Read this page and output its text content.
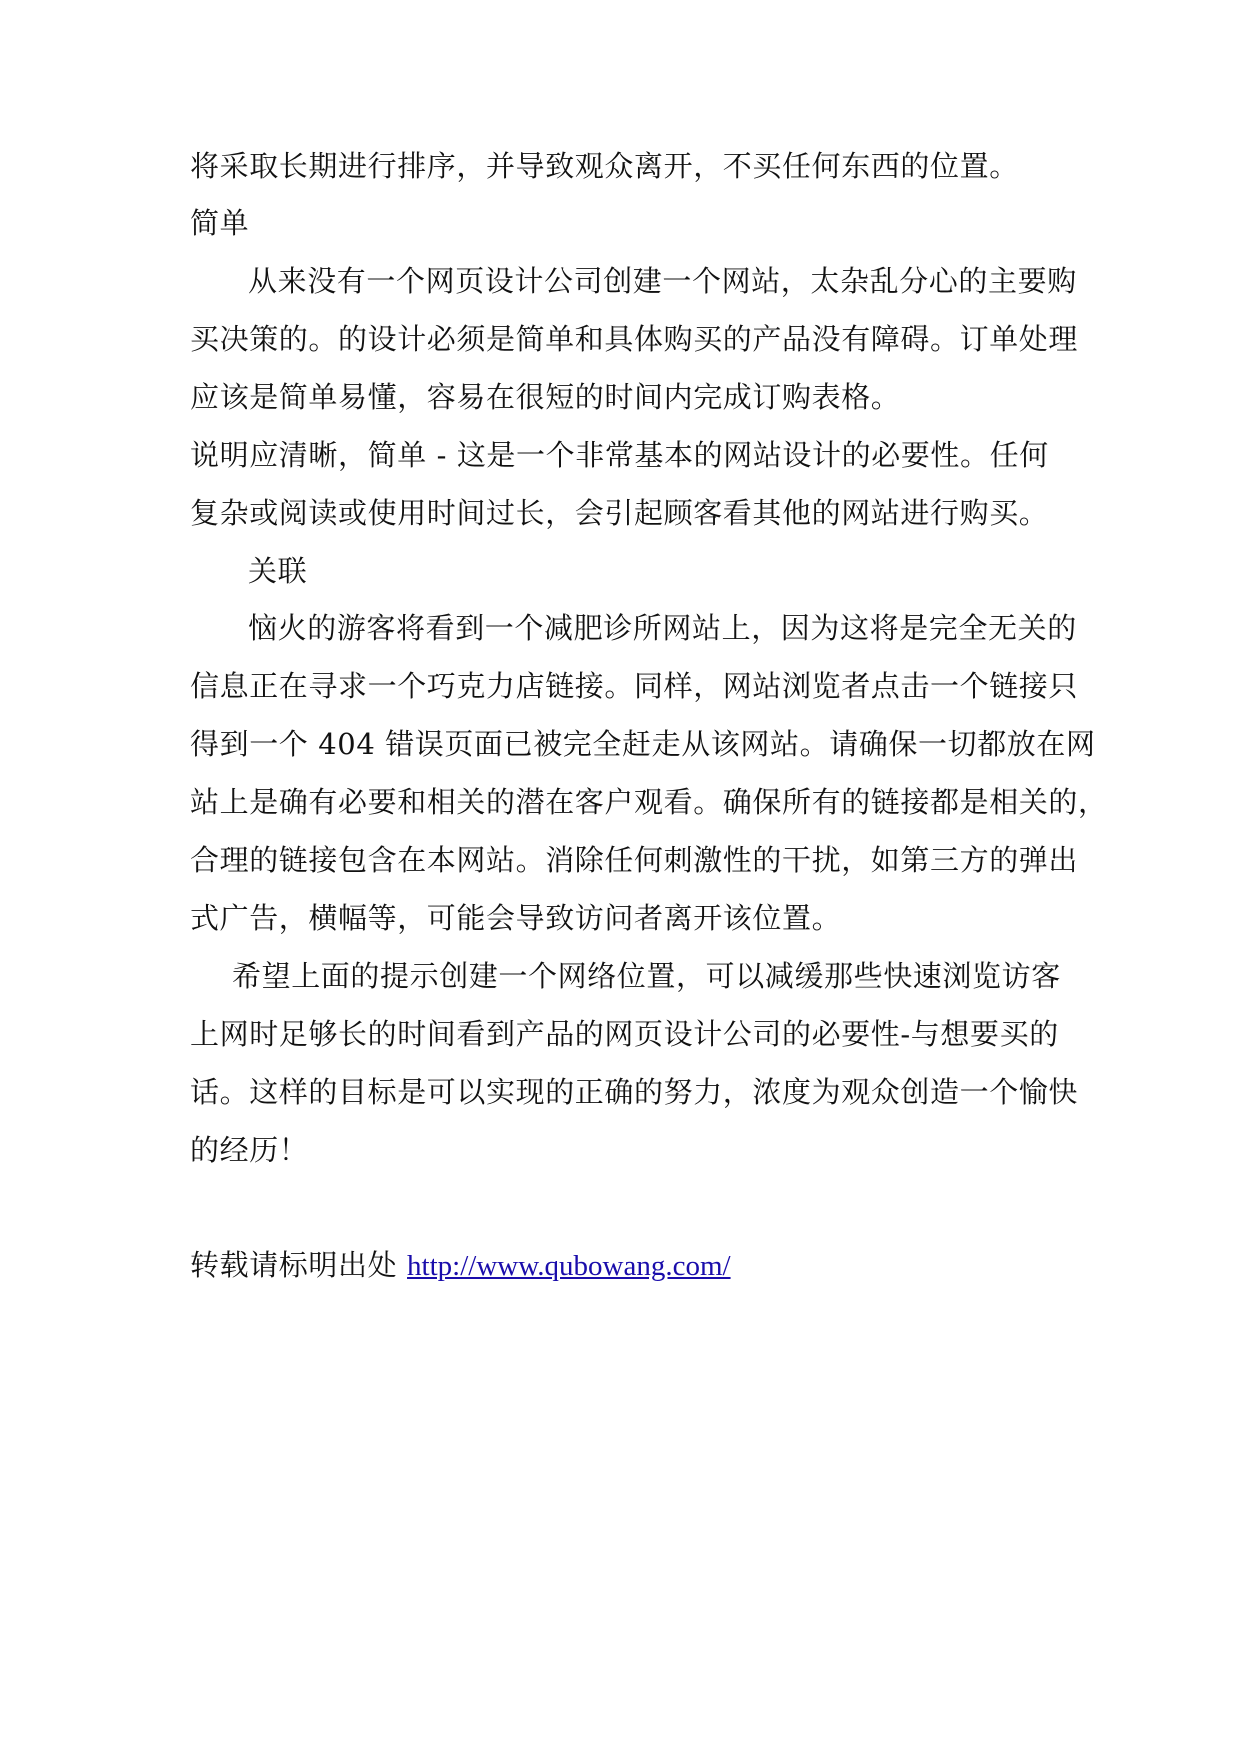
将采取长期进行排序，并导致观众离开，不买任何东西的位置。
简单
从来没有一个网页设计公司创建一个网站，太杂乱分心的主要购
买决策的。的设计必须是简单和具体购买的产品没有障碍。订单处理
应该是简单易懂，容易在很短的时间内完成订购表格。
说明应清晰，简单 - 这是一个非常基本的网站设计的必要性。任何
复杂或阅读或使用时间过长，会引起顾客看其他的网站进行购买。
关联
恼火的游客将看到一个减肥诊所网站上，因为这将是完全无关的
信息正在寻求一个巧克力店链接。同样，网站浏览者点击一个链接只
得到一个 404 错误页面已被完全赶走从该网站。请确保一切都放在网
站上是确有必要和相关的潜在客户观看。确保所有的链接都是相关的，
合理的链接包含在本网站。消除任何刺激性的干扰，如第三方的弹出
式广告，横幅等，可能会导致访问者离开该位置。
希望上面的提示创建一个网络位置，可以减缓那些快速浏览访客
上网时足够长的时间看到产品的网页设计公司的必要性-与想要买的
话。这样的目标是可以实现的正确的努力，浓度为观众创造一个愉快
的经历！
转载请标明出处 http://www.qubowang.com/
